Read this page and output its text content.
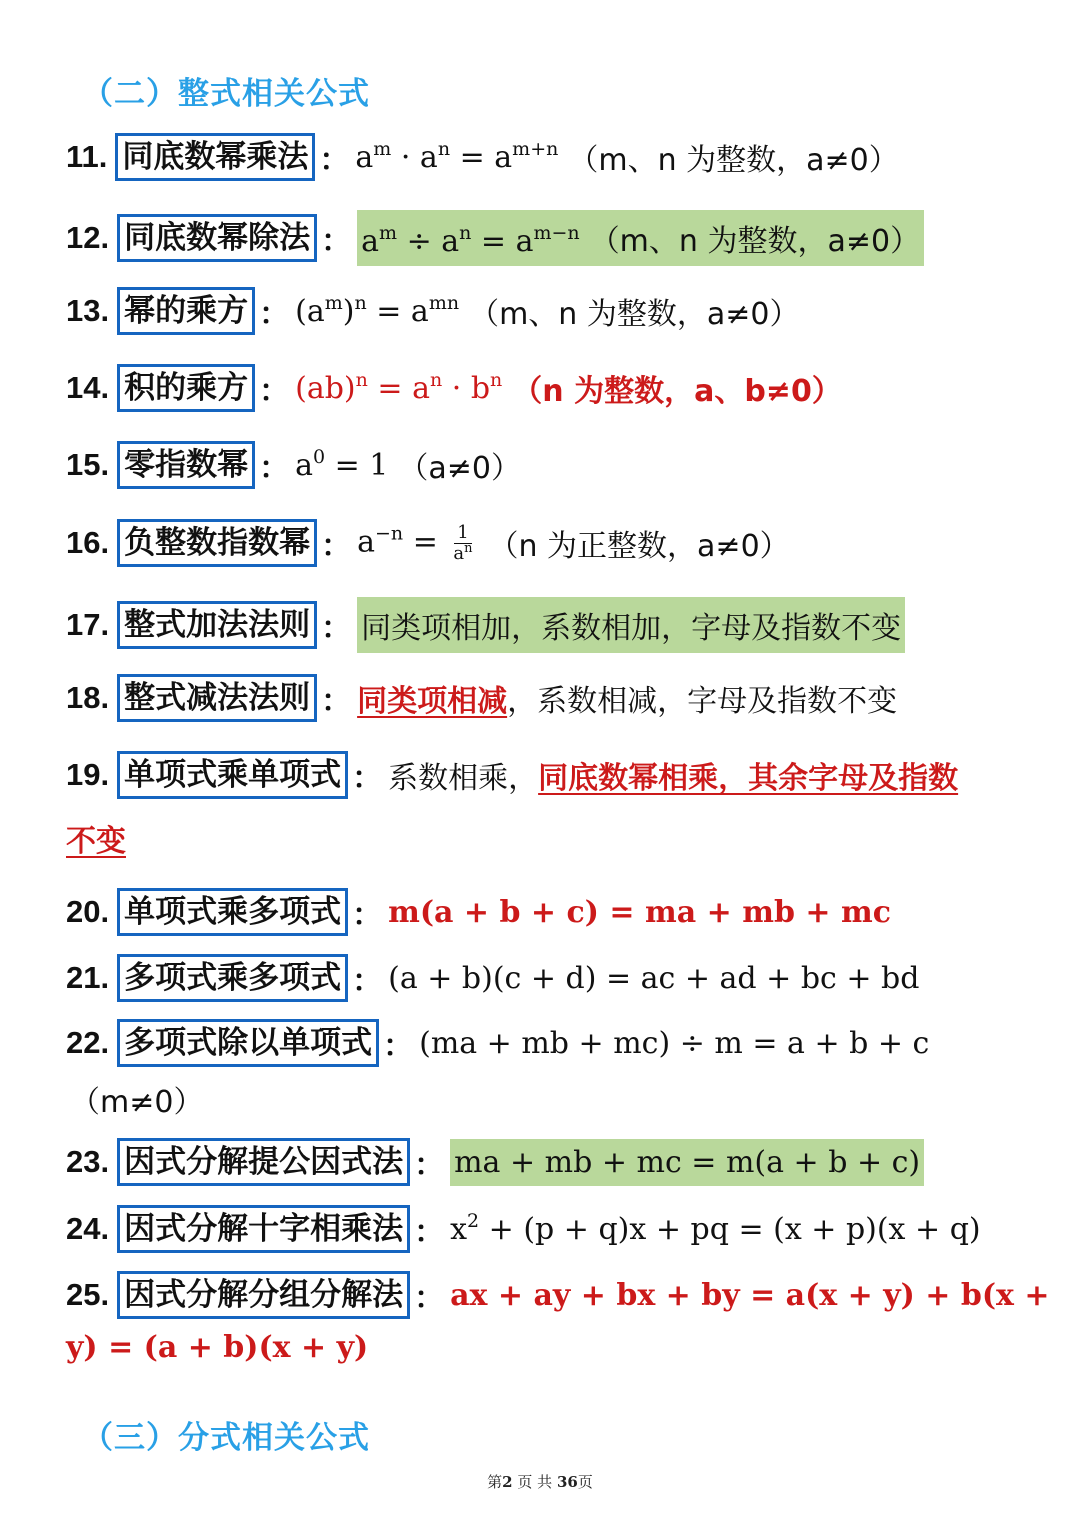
（二）整式相关公式
11. 同底数幂乘法 ： $a^m \cdot a^n = a^{m+n}$ （m、n 为整数，a≠0）
12. 同底数幂除法 ： $a^m \div a^n = a^{m-n}$ （m、n 为整数，a≠0）
13. 幂的乘方 ： $(a^m)^n = a^{mn}$ （m、n 为整数，a≠0）
14. 积的乘方 ： $(ab)^n = a^n \cdot b^n$ （n 为整数，a、b≠0）
15. 零指数幂 ： $a^0 = 1$ （a≠0）
16. 负整数指数幂 ： $a^{-n} = \frac{1}{a^n} (n$ 为正整数，a≠0）
17. 整式加法法则 ： 同类项相加，系数相加，字母及指数不变
18. 整式减法法则 ： 同类项相减 ，系数相减，字母及指数不变
19. 单项式乘单项式 ： 系数相乘， 同底数幂相乘，其余字母及指数
不变
20. 单项式乘多项式 ： m(a + b + c) = ma + mb + mc
21. 多项式乘多项式 ： (a + b)(c + d) = ac + ad + bc + bd
22. 多项式除以单项式 ： (ma + mb + mc) ÷ m = a + b + c
（m≠0）
23. 因式分解提公因式法 ： ma + mb + mc = m(a + b + c)
24. 因式分解十字相乘法 ： $x^2 + (p + q)x$ + pq = (x + p)(x + q)
25. 因式分解分组分解法 ： ax + ay + bx + by = a(x + y) + b(x +
y) = (a + b)(x + y)
（三）分式相关公式
第2 页 共 36页
